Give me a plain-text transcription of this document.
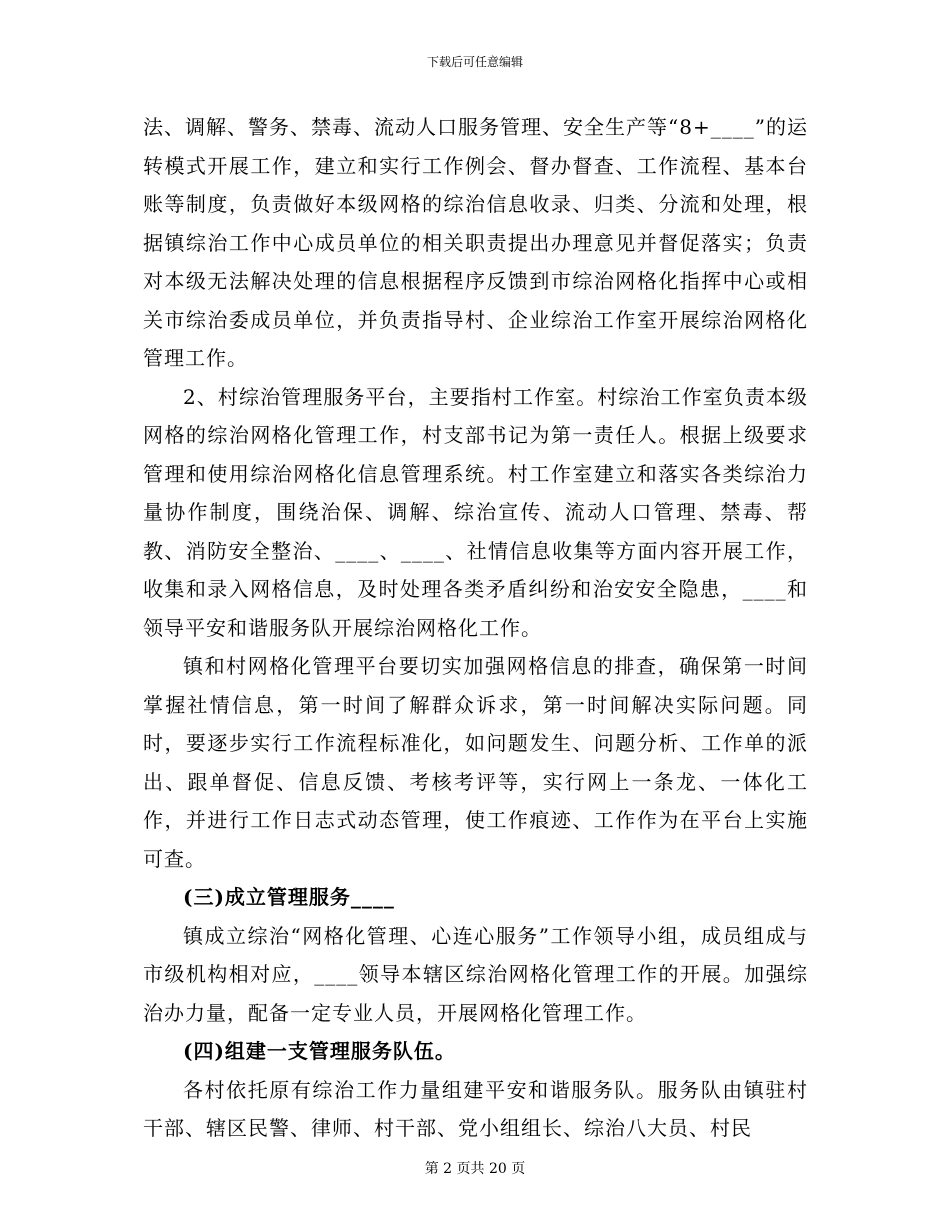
下载后可任意编辑

法、调解、警务、禁毒、流动人口服务管理、安全生产等“8+____”的运转模式开展工作，建立和实行工作例会、督办督查、工作流程、基本台账等制度，负责做好本级网格的综治信息收录、归类、分流和处理，根据镇综治工作中心成员单位的相关职责提出办理意见并督促落实；负责对本级无法解决处理的信息根据程序反馈到市综治网格化指挥中心或相关市综治委成员单位，并负责指导村、企业综治工作室开展综治网格化管理工作。

2、村综治管理服务平台，主要指村工作室。村综治工作室负责本级网格的综治网格化管理工作，村支部书记为第一责任人。根据上级要求管理和使用综治网格化信息管理系统。村工作室建立和落实各类综治力量协作制度，围绕治保、调解、综治宣传、流动人口管理、禁毒、帮教、消防安全整治、____、____、社情信息收集等方面内容开展工作，收集和录入网格信息，及时处理各类矛盾纠纷和治安安全隐患，____和领导平安和谐服务队开展综治网格化工作。

镇和村网格化管理平台要切实加强网格信息的排查，确保第一时间掌握社情信息，第一时间了解群众诉求，第一时间解决实际问题。同时，要逐步实行工作流程标准化，如问题发生、问题分析、工作单的派出、跟单督促、信息反馈、考核考评等，实行网上一条龙、一体化工作，并进行工作日志式动态管理，使工作痕迹、工作作为在平台上实施可查。

(三)成立管理服务____

镇成立综治“网格化管理、心连心服务”工作领导小组，成员组成与市级机构相对应，____领导本辖区综治网格化管理工作的开展。加强综治办力量，配备一定专业人员，开展网格化管理工作。

(四)组建一支管理服务队伍。

各村依托原有综治工作力量组建平安和谐服务队。服务队由镇驻村干部、辖区民警、律师、村干部、党小组组长、综治八大员、村民

第 2 页共 20 页
